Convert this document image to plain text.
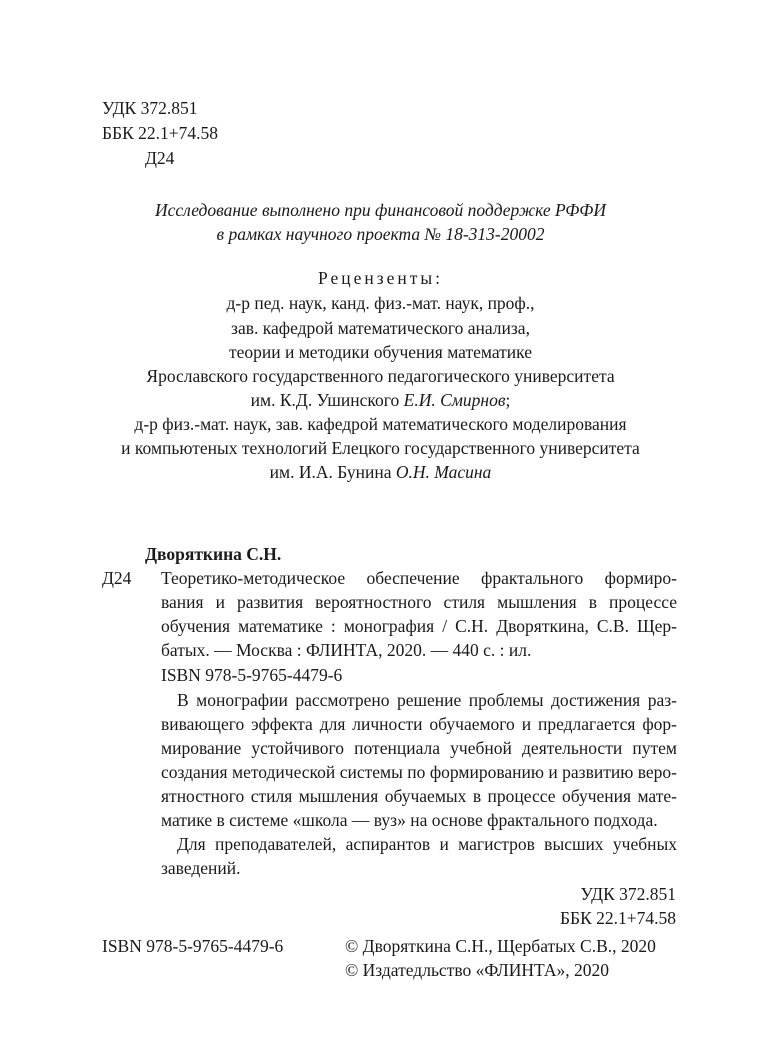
УДК 372.851
ББК 22.1+74.58
Д24
Исследование выполнено при финансовой поддержке РФФИ
в рамках научного проекта № 18-313-20002
Рецензенты:
д-р пед. наук, канд. физ.-мат. наук, проф.,
зав. кафедрой математического анализа,
теории и методики обучения математике
Ярославского государственного педагогического университета
им. К.Д. Ушинского Е.И. Смирнов;
д-р физ.-мат. наук, зав. кафедрой математического моделирования
и компьютеных технологий Елецкого государственного университета
им. И.А. Бунина О.Н. Масина
Дворяткина С.Н.
Д24 Теоретико-методическое обеспечение фрактального формиро-
вания и развития вероятностного стиля мышления в процессе
обучения математике : монография / С.Н. Дворяткина, С.В. Щер-
батых. — Москва : ФЛИНТА, 2020. — 440 с. : ил.
ISBN 978-5-9765-4479-6
В монографии рассмотрено решение проблемы достижения раз-
вивающего эффекта для личности обучаемого и предлагается фор-
мирование устойчивого потенциала учебной деятельности путем
создания методической системы по формированию и развитию веро-
ятностного стиля мышления обучаемых в процессе обучения мате-
матике в системе «школа — вуз» на основе фрактального подхода.
Для преподавателей, аспирантов и магистров высших учебных
заведений.
УДК 372.851
ББК 22.1+74.58
ISBN 978-5-9765-4479-6	© Дворяткина С.Н., Щербатых С.В., 2020
© Издатедльство «ФЛИНТА», 2020
